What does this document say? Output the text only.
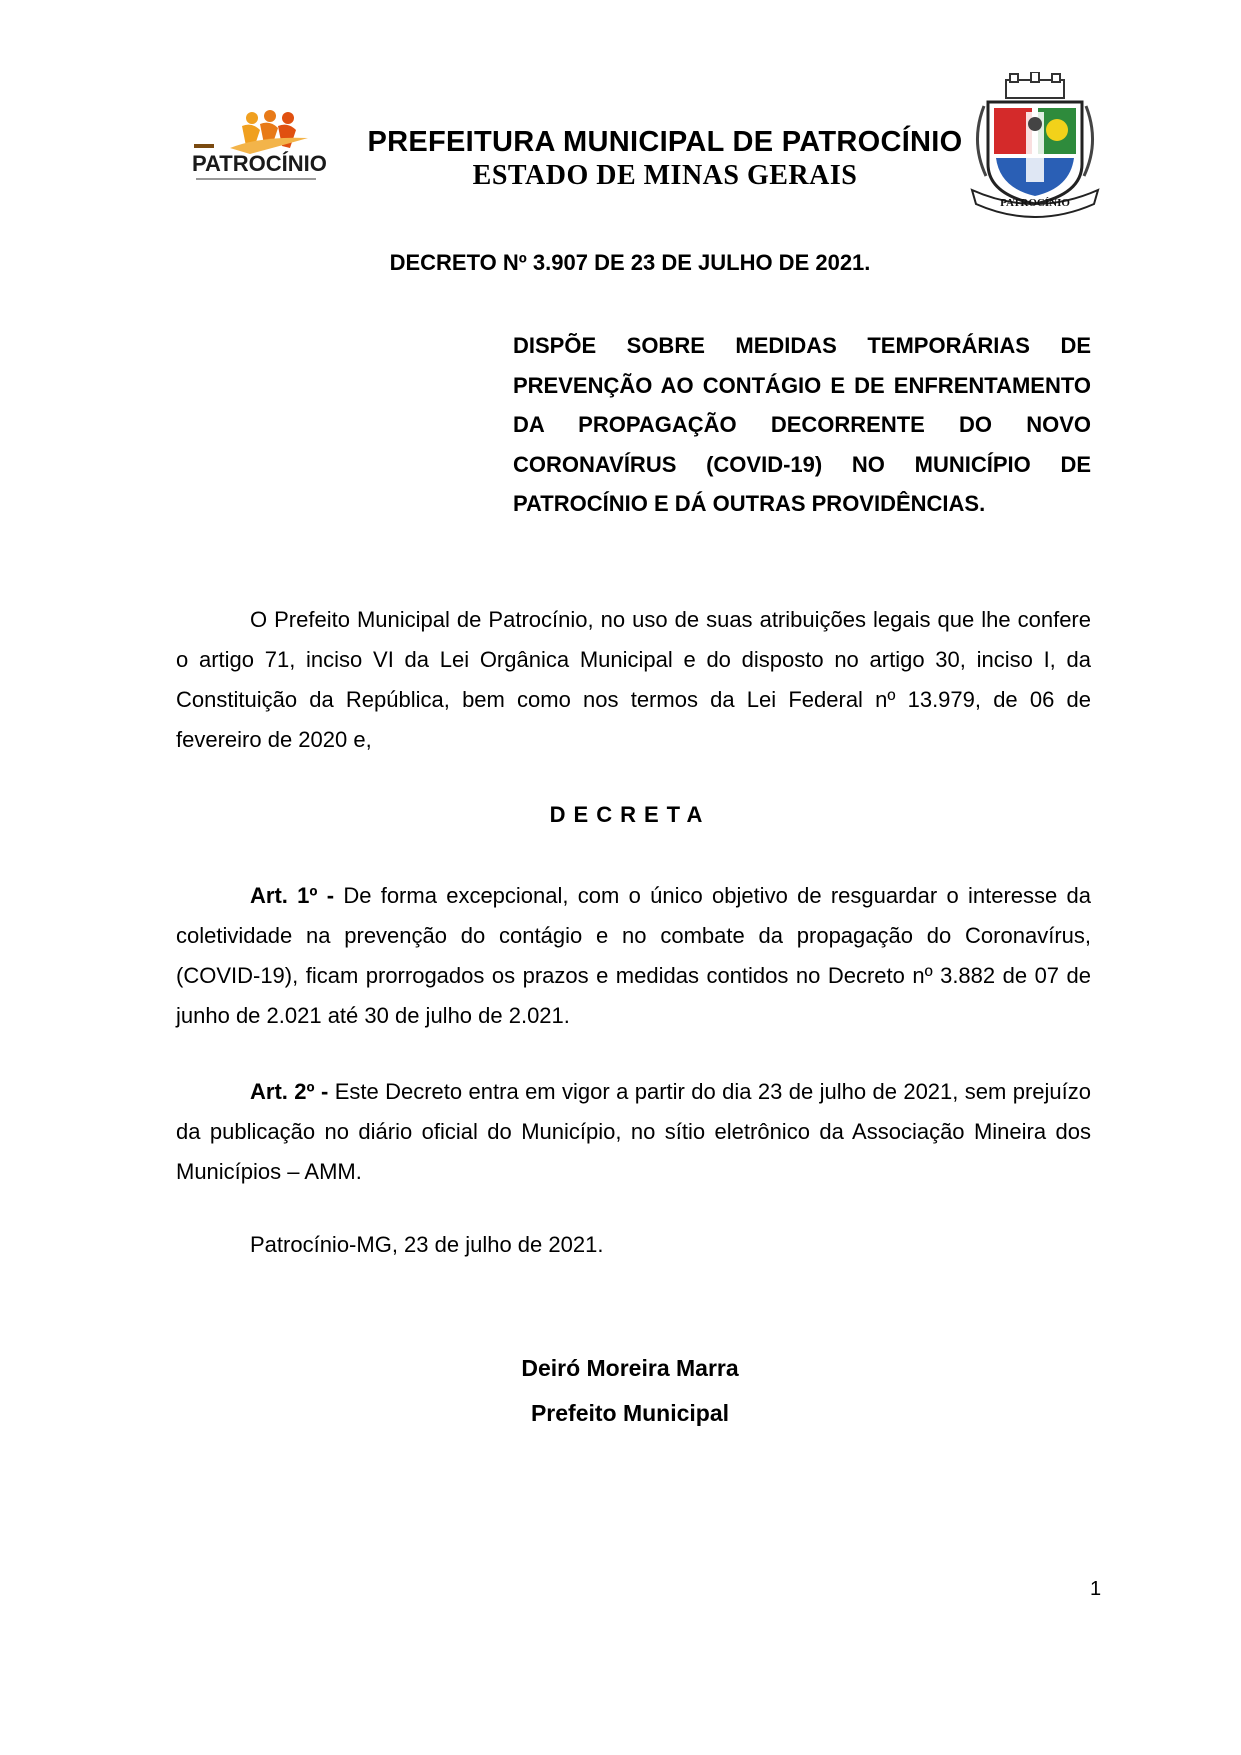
PATROCÍNIO
PREFEITURA MUNICIPAL DE PATROCÍNIO
ESTADO DE MINAS GERAIS
PATROCÍNIO
DECRETO Nº 3.907 DE 23 DE JULHO DE 2021.
DISPÕE SOBRE MEDIDAS TEMPORÁRIAS DE PREVENÇÃO AO CONTÁGIO E DE ENFRENTAMENTO DA PROPAGAÇÃO DECORRENTE DO NOVO CORONAVÍRUS (COVID-19) NO MUNICÍPIO DE PATROCÍNIO E DÁ OUTRAS PROVIDÊNCIAS.
O Prefeito Municipal de Patrocínio, no uso de suas atribuições legais que lhe confere o artigo 71, inciso VI da Lei Orgânica Municipal e do disposto no artigo 30, inciso I, da Constituição da República, bem como nos termos da Lei Federal nº 13.979, de 06 de fevereiro de 2020 e,
DECRETA
Art. 1º - De forma excepcional, com o único objetivo de resguardar o interesse da coletividade na prevenção do contágio e no combate da propagação do Coronavírus, (COVID-19), ficam prorrogados os prazos e medidas contidos no Decreto nº 3.882 de 07 de junho de 2.021 até 30 de julho de 2.021.
Art. 2º - Este Decreto entra em vigor a partir do dia 23 de julho de 2021, sem prejuízo da publicação no diário oficial do Município, no sítio eletrônico da Associação Mineira dos Municípios – AMM.
Patrocínio-MG, 23 de julho de 2021.
Deiró Moreira Marra
Prefeito Municipal
1
